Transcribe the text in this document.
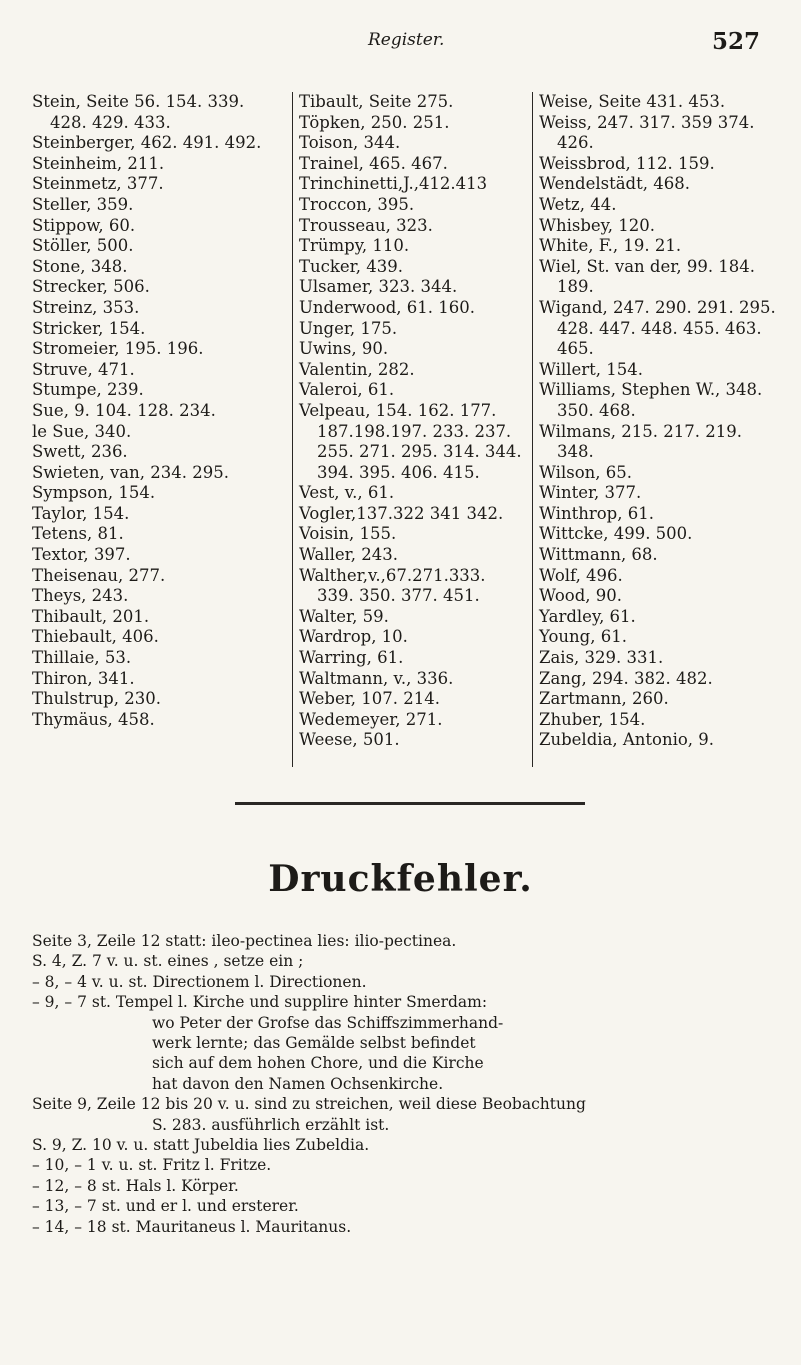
Register.	527
Stein, Seite 56. 154. 339. 428. 429. 433.
Steinberger, 462. 491. 492.
Steinheim, 211.
Steinmetz, 377.
Steller, 359.
Stippow, 60.
Stöller, 500.
Stone, 348.
Strecker, 506.
Streinz, 353.
Stricker, 154.
Stromeier, 195. 196.
Struve, 471.
Stumpe, 239.
Sue, 9. 104. 128. 234.
le Sue, 340.
Swett, 236.
Swieten, van, 234. 295.
Sympson, 154.
Taylor, 154.
Tetens, 81.
Textor, 397.
Theisenau, 277.
Theys, 243.
Thibault, 201.
Thiebault, 406.
Thillaie, 53.
Thiron, 341.
Thulstrup, 230.
Thymäus, 458.
Tibault, Seite 275.
Töpken, 250. 251.
Toison, 344.
Trainel, 465. 467.
Trinchinetti,J.,412.413
Troccon, 395.
Trousseau, 323.
Trümpy, 110.
Tucker, 439.
Ulsamer, 323. 344.
Underwood, 61. 160.
Unger, 175.
Uwins, 90.
Valentin, 282.
Valeroi, 61.
Velpeau, 154. 162. 177. 187.198.197. 233. 237. 255. 271. 295. 314. 344. 394. 395. 406. 415.
Vest, v., 61.
Vogler,137.322 341 342.
Voisin, 155.
Waller, 243.
Walther,v.,67.271.333. 339. 350. 377. 451.
Walter, 59.
Wardrop, 10.
Warring, 61.
Waltmann, v., 336.
Weber, 107. 214.
Wedemeyer, 271.
Weese, 501.
Weise, Seite 431. 453.
Weiss, 247. 317. 359 374. 426.
Weissbrod, 112. 159.
Wendelstädt, 468.
Wetz, 44.
Whisbey, 120.
White, F., 19. 21.
Wiel, St. van der, 99. 184. 189.
Wigand, 247. 290. 291. 295. 428. 447. 448. 455. 463. 465.
Willert, 154.
Williams, Stephen W., 348. 350. 468.
Wilmans, 215. 217. 219. 348.
Wilson, 65.
Winter, 377.
Winthrop, 61.
Wittcke, 499. 500.
Wittmann, 68.
Wolf, 496.
Wood, 90.
Yardley, 61.
Young, 61.
Zais, 329. 331.
Zang, 294. 382. 482.
Zartmann, 260.
Zhuber, 154.
Zubeldia, Antonio, 9.
Druckfehler.
Seite 3, Zeile 12 statt: ileo-pectinea lies: ilio-pectinea.
S. 4, Z. 7 v. u. st. eines , setze ein ;
– 8, – 4 v. u. st. Directionem l. Directionen.
– 9, – 7 st. Tempel l. Kirche und supplire hinter Smerdam:
wo Peter der Grofse das Schiffszimmerhand-
werk lernte; das Gemälde selbst befindet
sich auf dem hohen Chore, und die Kirche
hat davon den Namen Ochsenkirche.
Seite 9, Zeile 12 bis 20 v. u. sind zu streichen, weil diese Beobachtung
S. 283. ausführlich erzählt ist.
S. 9, Z. 10 v. u. statt Jubeldia lies Zubeldia.
– 10, – 1 v. u. st. Fritz l. Fritze.
– 12, – 8 st. Hals l. Körper.
– 13, – 7 st. und er l. und ersterer.
– 14, – 18 st. Mauritaneus l. Mauritanus.
